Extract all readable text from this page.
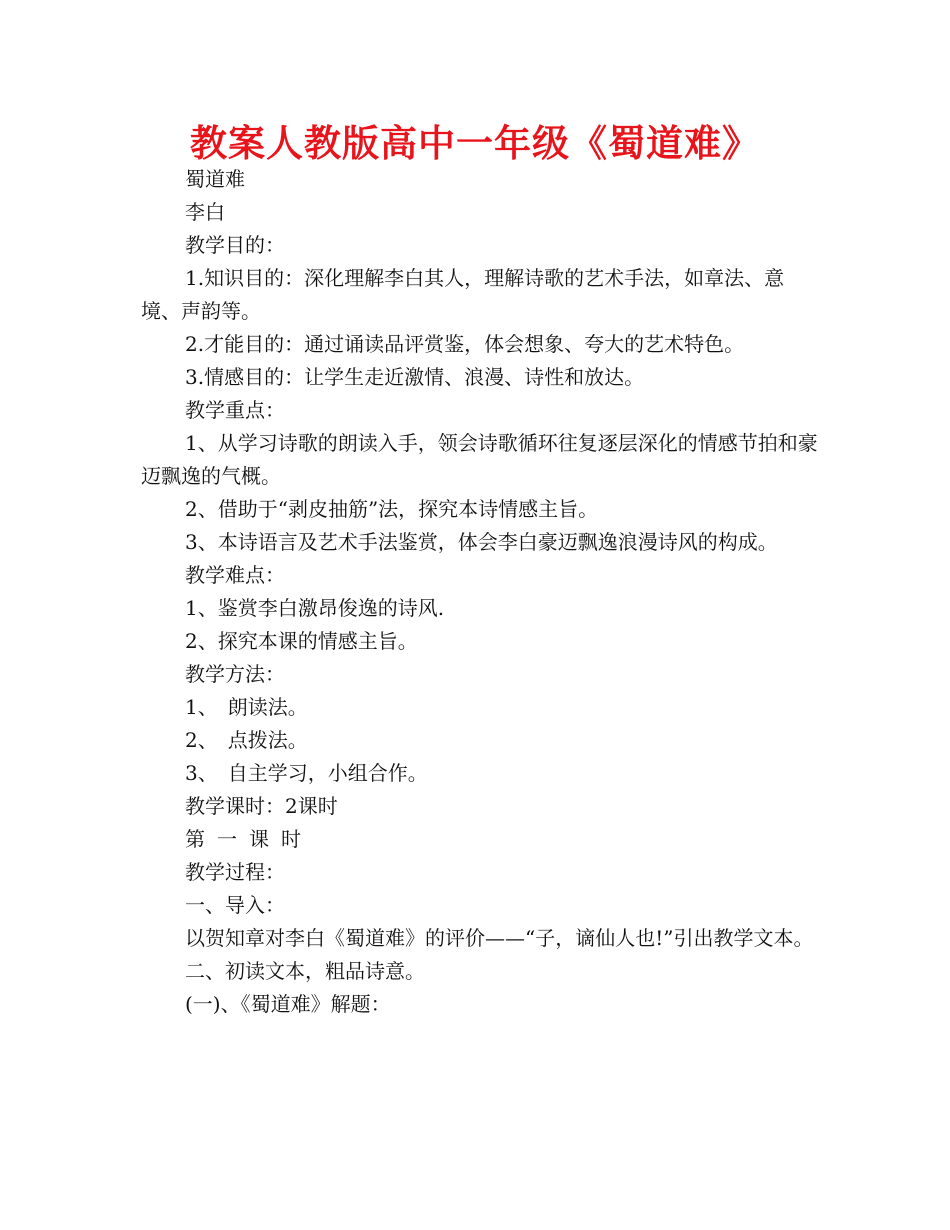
教案人教版高中一年级《蜀道难》

蜀道难

李白

教学目的：

1.知识目的：深化理解李白其人，理解诗歌的艺术手法，如章法、意境、声韵等。

2.才能目的：通过诵读品评赏鉴，体会想象、夸大的艺术特色。

3.情感目的：让学生走近激情、浪漫、诗性和放达。

教学重点：

1、从学习诗歌的朗读入手，领会诗歌循环往复逐层深化的情感节拍和豪迈飘逸的气概。

2、借助于“剥皮抽筋”法，探究本诗情感主旨。

3、本诗语言及艺术手法鉴赏，体会李白豪迈飘逸浪漫诗风的构成。

教学难点：

1、鉴赏李白激昂俊逸的诗风.

2、探究本课的情感主旨。

教学方法：

1、　朗读法。

2、　点拨法。

3、　自主学习，小组合作。

教学课时：2课时

第一课时

教学过程：

一、导入：

以贺知章对李白《蜀道难》的评价——“子，谪仙人也!”引出教学文本。

二、初读文本，粗品诗意。

(一)、《蜀道难》解题：
